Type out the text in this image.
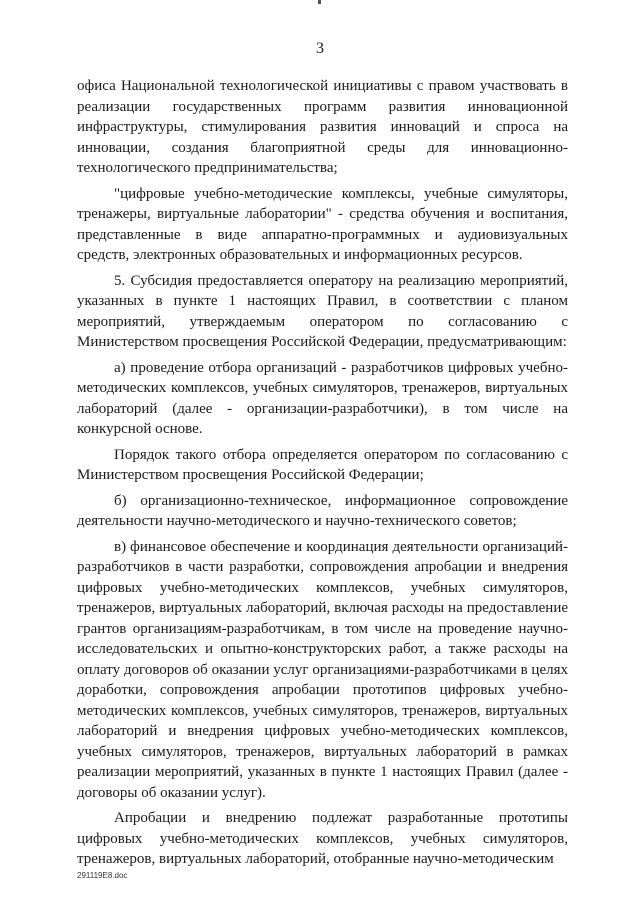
3

офиса Национальной технологической инициативы с правом участвовать в реализации государственных программ развития инновационной инфраструктуры, стимулирования развития инноваций и спроса на инновации, создания благоприятной среды для инновационно-технологического предпринимательства;

"цифровые учебно-методические комплексы, учебные симуляторы, тренажеры, виртуальные лаборатории" - средства обучения и воспитания, представленные в виде аппаратно-программных и аудиовизуальных средств, электронных образовательных и информационных ресурсов.

5. Субсидия предоставляется оператору на реализацию мероприятий, указанных в пункте 1 настоящих Правил, в соответствии с планом мероприятий, утверждаемым оператором по согласованию с Министерством просвещения Российской Федерации, предусматривающим:

а) проведение отбора организаций - разработчиков цифровых учебно-методических комплексов, учебных симуляторов, тренажеров, виртуальных лабораторий (далее - организации-разработчики), в том числе на конкурсной основе.

Порядок такого отбора определяется оператором по согласованию с Министерством просвещения Российской Федерации;

б) организационно-техническое, информационное сопровождение деятельности научно-методического и научно-технического советов;

в) финансовое обеспечение и координация деятельности организаций-разработчиков в части разработки, сопровождения апробации и внедрения цифровых учебно-методических комплексов, учебных симуляторов, тренажеров, виртуальных лабораторий, включая расходы на предоставление грантов организациям-разработчикам, в том числе на проведение научно-исследовательских и опытно-конструкторских работ, а также расходы на оплату договоров об оказании услуг организациями-разработчиками в целях доработки, сопровождения апробации прототипов цифровых учебно-методических комплексов, учебных симуляторов, тренажеров, виртуальных лабораторий и внедрения цифровых учебно-методических комплексов, учебных симуляторов, тренажеров, виртуальных лабораторий в рамках реализации мероприятий, указанных в пункте 1 настоящих Правил (далее - договоры об оказании услуг).

Апробации и внедрению подлежат разработанные прототипы цифровых учебно-методических комплексов, учебных симуляторов, тренажеров, виртуальных лабораторий, отобранные научно-методическим

291119E8.doc
